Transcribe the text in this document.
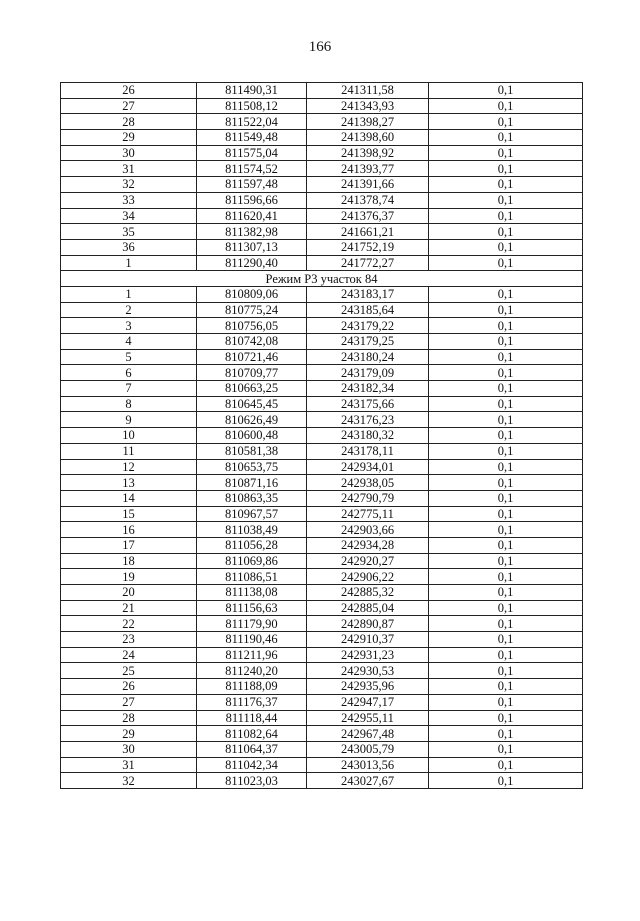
166
26	811490,31	241311,58	0,1
27	811508,12	241343,93	0,1
28	811522,04	241398,27	0,1
29	811549,48	241398,60	0,1
30	811575,04	241398,92	0,1
31	811574,52	241393,77	0,1
32	811597,48	241391,66	0,1
33	811596,66	241378,74	0,1
34	811620,41	241376,37	0,1
35	811382,98	241661,21	0,1
36	811307,13	241752,19	0,1
1	811290,40	241772,27	0,1
Режим Р3 участок 84			
1	810809,06	243183,17	0,1
2	810775,24	243185,64	0,1
3	810756,05	243179,22	0,1
4	810742,08	243179,25	0,1
5	810721,46	243180,24	0,1
6	810709,77	243179,09	0,1
7	810663,25	243182,34	0,1
8	810645,45	243175,66	0,1
9	810626,49	243176,23	0,1
10	810600,48	243180,32	0,1
11	810581,38	243178,11	0,1
12	810653,75	242934,01	0,1
13	810871,16	242938,05	0,1
14	810863,35	242790,79	0,1
15	810967,57	242775,11	0,1
16	811038,49	242903,66	0,1
17	811056,28	242934,28	0,1
18	811069,86	242920,27	0,1
19	811086,51	242906,22	0,1
20	811138,08	242885,32	0,1
21	811156,63	242885,04	0,1
22	811179,90	242890,87	0,1
23	811190,46	242910,37	0,1
24	811211,96	242931,23	0,1
25	811240,20	242930,53	0,1
26	811188,09	242935,96	0,1
27	811176,37	242947,17	0,1
28	811118,44	242955,11	0,1
29	811082,64	242967,48	0,1
30	811064,37	243005,79	0,1
31	811042,34	243013,56	0,1
32	811023,03	243027,67	0,1
